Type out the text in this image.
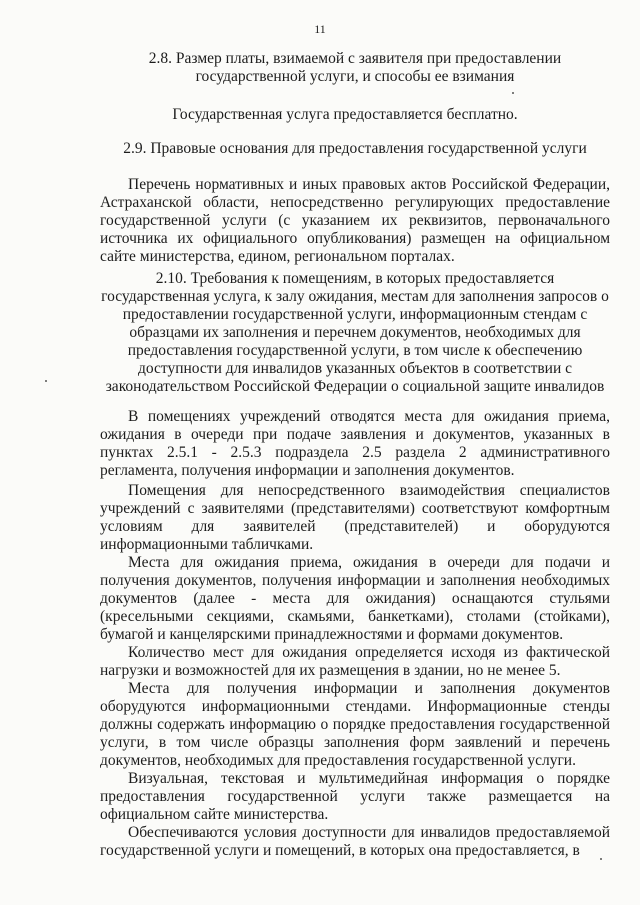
11
2.8. Размер платы, взимаемой с заявителя при предоставлении государственной услуги, и способы ее взимания
Государственная услуга предоставляется бесплатно.
2.9. Правовые основания для предоставления государственной услуги
Перечень нормативных и иных правовых актов Российской Федерации, Астраханской области, непосредственно регулирующих предоставление государственной услуги (с указанием их реквизитов, первоначального источника их официального опубликования) размещен на официальном сайте министерства, едином, региональном порталах.
2.10. Требования к помещениям, в которых предоставляется государственная услуга, к залу ожидания, местам для заполнения запросов о предоставлении государственной услуги, информационным стендам с образцами их заполнения и перечнем документов, необходимых для предоставления государственной услуги, в том числе к обеспечению доступности для инвалидов указанных объектов в соответствии с законодательством Российской Федерации о социальной защите инвалидов
В помещениях учреждений отводятся места для ожидания приема, ожидания в очереди при подаче заявления и документов, указанных в пунктах 2.5.1 - 2.5.3 подраздела 2.5 раздела 2 административного регламента, получения информации и заполнения документов.
Помещения для непосредственного взаимодействия специалистов учреждений с заявителями (представителями) соответствуют комфортным условиям для заявителей (представителей) и оборудуются информационными табличками.
Места для ожидания приема, ожидания в очереди для подачи и получения документов, получения информации и заполнения необходимых документов (далее - места для ожидания) оснащаются стульями (кресельными секциями, скамьями, банкетками), столами (стойками), бумагой и канцелярскими принадлежностями и формами документов.
Количество мест для ожидания определяется исходя из фактической нагрузки и возможностей для их размещения в здании, но не менее 5.
Места для получения информации и заполнения документов оборудуются информационными стендами. Информационные стенды должны содержать информацию о порядке предоставления государственной услуги, в том числе образцы заполнения форм заявлений и перечень документов, необходимых для предоставления государственной услуги.
Визуальная, текстовая и мультимедийная информация о порядке предоставления государственной услуги также размещается на официальном сайте министерства.
Обеспечиваются условия доступности для инвалидов предоставляемой государственной услуги и помещений, в которых она предоставляется, в
